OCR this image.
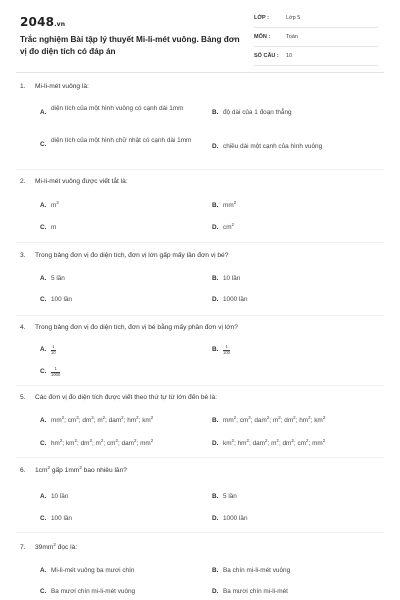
2048.vn
Trắc nghiệm Bài tập lý thuyết Mi-li-mét vuông. Bảng đơn vị đo diện tích có đáp án
LỚP :	Lớp 5
MÔN :	Toán
SỐ CÂU : 10
1. Mi-li-mét vuông là:
A.
diện tích của một hình vuông có cạnh dài 1mm
B. độ dài của 1 đoạn thẳng
C.
diện tích của một hình chữ nhật có cạnh dài 1mm
D. chiều dài một cạnh của hình vuông
2. Mi-li-mét vuông được viết tắt là:
A. $m^2$	B. $mm^2$
C. m	D. $cm^2$
3. Trong bảng đơn vị đo diện tích, đơn vị lớn gấp mấy lần đơn vị bé?
A. 5 lần	B. 10 lần
C. 100 lần	D. 1000 lần
4. Trong bảng đơn vị đo diện tích, đơn vị bé bằng mấy phần đơn vị lớn?
A. $\frac{1}{10}$	B. $\frac{1}{100}$
C. $\frac{1}{1000}$
5. Các đơn vị đo diện tích được viết theo thứ tự từ lớn đến bé là:
A. $mm^2$; $cm^2$; $dm^2$; $m^2$; dam$^2$; $hm^2$; $km^2$	B. $mm^2$; $cm^2$; dam$^2$; $m^2$; $dm^2$; $hm^2$; $km^2$
C. $hm^2$; $km^2$; $dm^2$; $m^2$; $cm^2$; dam$^2$; $mm^2$	D. $km^2$; $hm^2$; dam$^2$; $m^2$; $dm^2$; $cm^2$; $mm^2$
6. $1cm^2$ gấp $1mm^2$ bao nhiêu lần?
A. 10 lần	B. 5 lần
C. 100 lần	D. 1000 lần
7. $39mm^2$ đọc là:
A. Mi-li-mét vuông ba mươi chín	B. Ba chín mi-li-mét vuông
C. Ba mươi chín mi-li-mét vuông	D. Ba mươi chín mi-li-mét
